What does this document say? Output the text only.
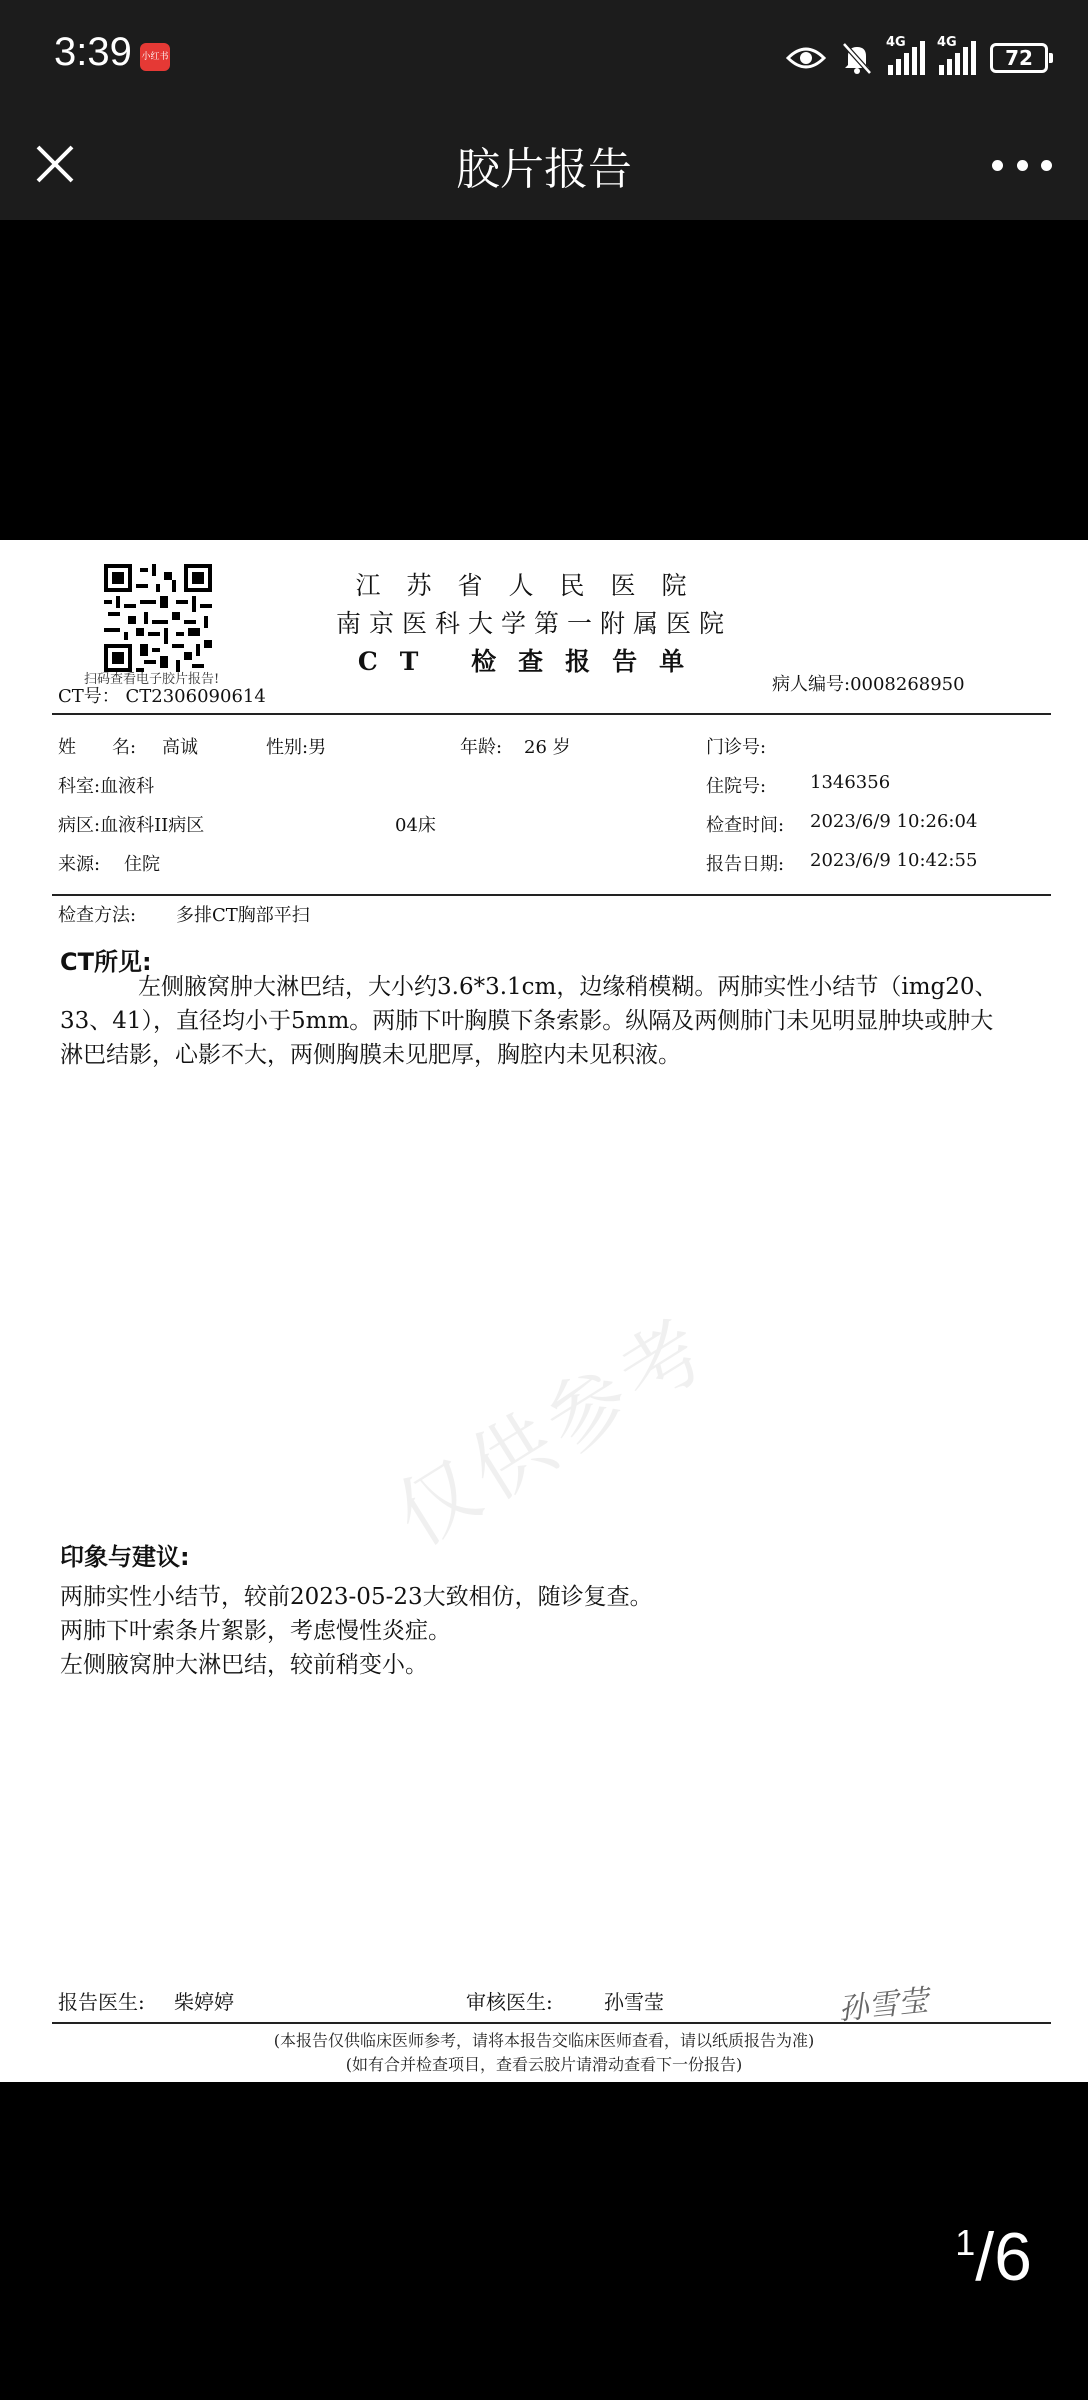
3:39 小红书
4G 4G
72
胶片报告
扫码查看电子胶片报告!
江苏省人民医院
南京医科大学第一附属医院
CT 检查报告单
CT号： CT2306090614
病人编号:0008268950
姓　　名: 高诚	性别:男	年龄: 26 岁	门诊号:
科室:血液科	住院号: 1346356
病区:血液科II病区	04床	检查时间: 2023/6/9 10:26:04
来源: 住院	报告日期: 2023/6/9 10:42:55
检查方法: 多排CT胸部平扫
CT所见:
左侧腋窝肿大淋巴结，大小约3.6*3.1cm，边缘稍模糊。两肺实性小结节（img20、33、41），直径均小于5mm。两肺下叶胸膜下条索影。纵隔及两侧肺门未见明显肿块或肿大淋巴结影，心影不大，两侧胸膜未见肥厚，胸腔内未见积液。
仅供参考
印象与建议:
两肺实性小结节，较前2023-05-23大致相仿，随诊复查。
两肺下叶索条片絮影，考虑慢性炎症。
左侧腋窝肿大淋巴结，较前稍变小。
报告医生: 柴婷婷	审核医生:	孙雪莹	孙雪莹
(本报告仅供临床医师参考，请将本报告交临床医师查看，请以纸质报告为准)
(如有合并检查项目，查看云胶片请滑动查看下一份报告)
1/6
